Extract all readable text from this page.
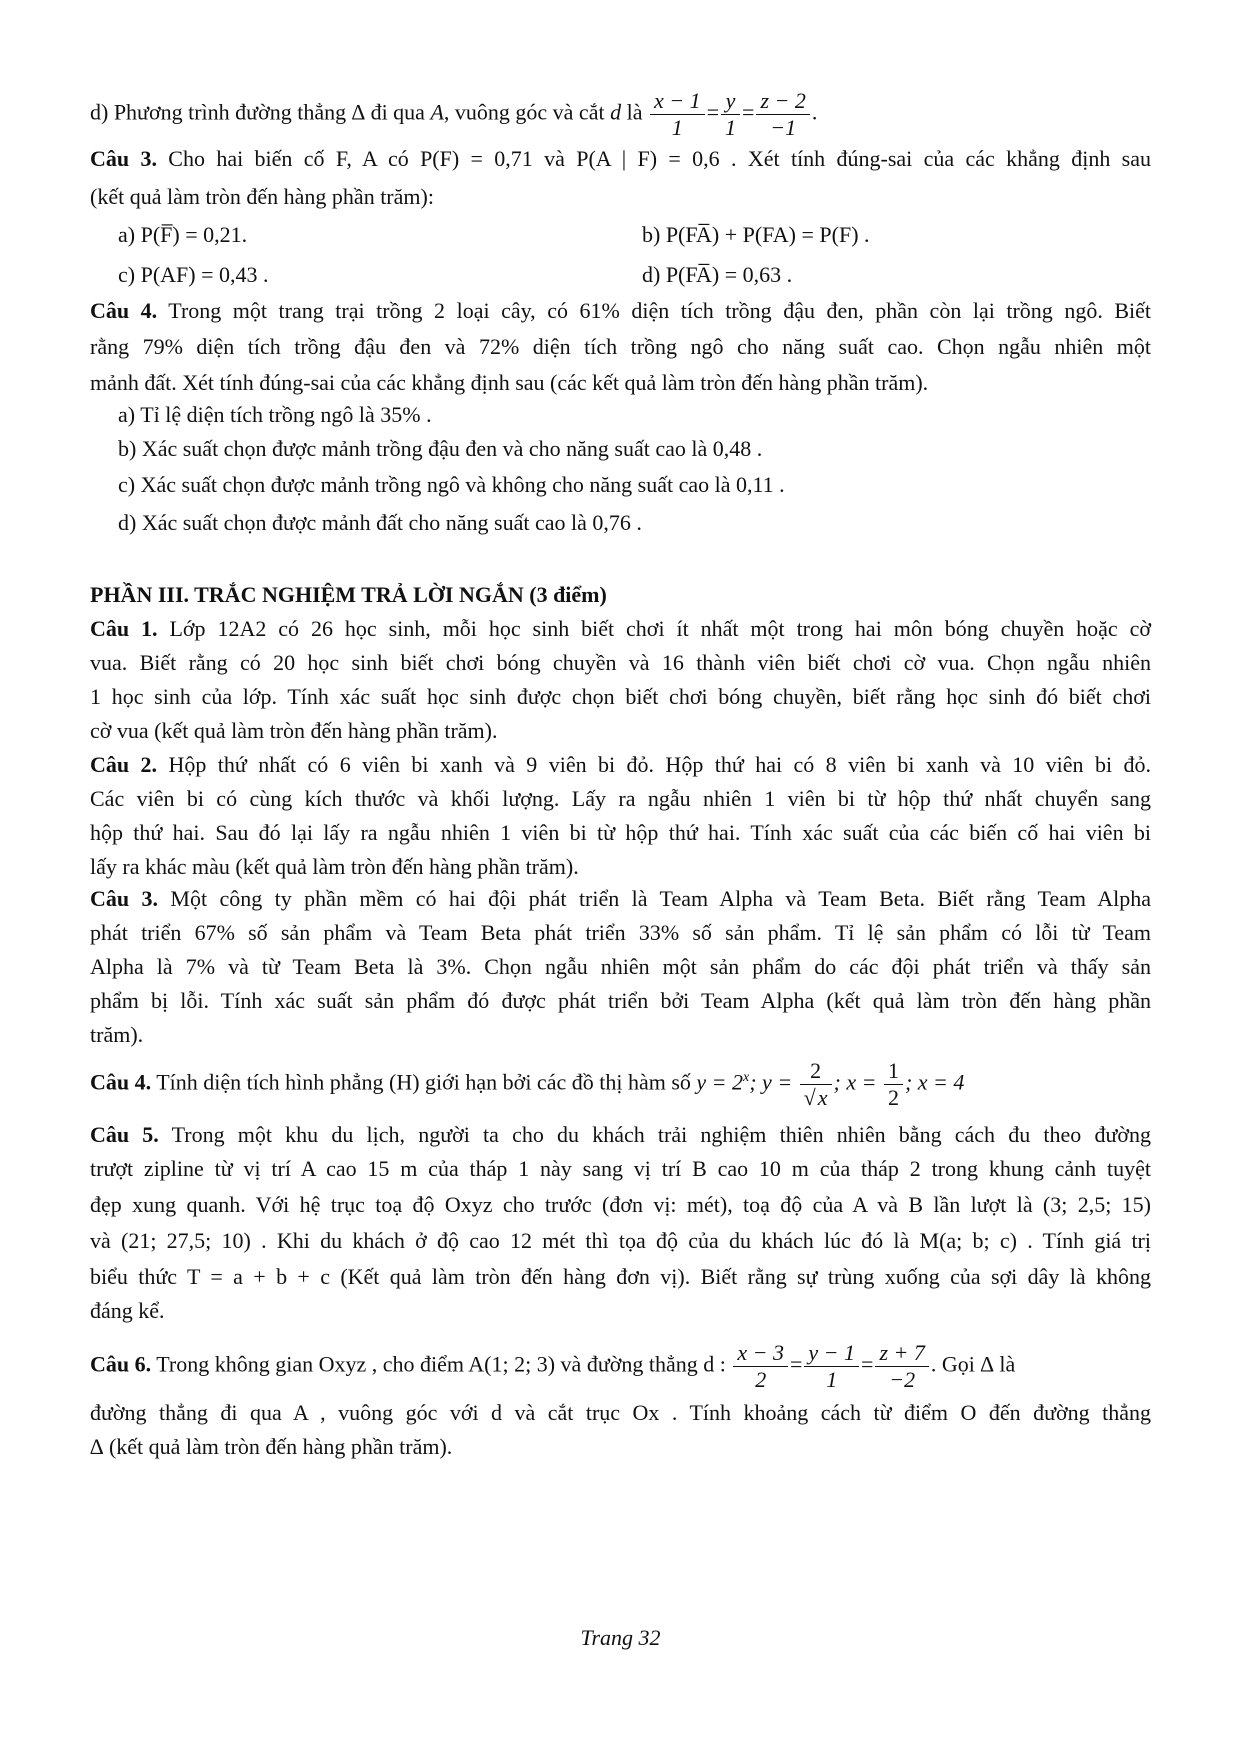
d) Phương trình đường thẳng ∆ đi qua A, vuông góc và cắt d là $\frac{x - 1}{1} = \frac{y}{1} = \frac{z - 2}{-1}$ .
Câu 3. Cho hai biến cố F, A có P(F) = 0,71 và P(A | F) = 0,6 . Xét tính đúng-sai của các khẳng định sau
(kết quả làm tròn đến hàng phần trăm):
a) P(F̅) = 0,21.	b) P(FA̅) + P(FA) = P(F) .
c) P(AF) = 0,43 .	d) P(FA̅) = 0,63 .
Câu 4. Trong một trang trại trồng 2 loại cây, có 61% diện tích trồng đậu đen, phần còn lại trồng ngô. Biết
rằng 79% diện tích trồng đậu đen và 72% diện tích trồng ngô cho năng suất cao. Chọn ngẫu nhiên một
mảnh đất. Xét tính đúng-sai của các khẳng định sau (các kết quả làm tròn đến hàng phần trăm).
a) Tỉ lệ diện tích trồng ngô là 35% .
b) Xác suất chọn được mảnh trồng đậu đen và cho năng suất cao là 0,48 .
c) Xác suất chọn được mảnh trồng ngô và không cho năng suất cao là 0,11 .
d) Xác suất chọn được mảnh đất cho năng suất cao là 0,76 .
PHẦN III. TRẮC NGHIỆM TRẢ LỜI NGẮN (3 điểm)
Câu 1. Lớp 12A2 có 26 học sinh, mỗi học sinh biết chơi ít nhất một trong hai môn bóng chuyền hoặc cờ
vua. Biết rằng có 20 học sinh biết chơi bóng chuyền và 16 thành viên biết chơi cờ vua. Chọn ngẫu nhiên
1 học sinh của lớp. Tính xác suất học sinh được chọn biết chơi bóng chuyền, biết rằng học sinh đó biết chơi
cờ vua (kết quả làm tròn đến hàng phần trăm).
Câu 2. Hộp thứ nhất có 6 viên bi xanh và 9 viên bi đỏ. Hộp thứ hai có 8 viên bi xanh và 10 viên bi đỏ.
Các viên bi có cùng kích thước và khối lượng. Lấy ra ngẫu nhiên 1 viên bi từ hộp thứ nhất chuyển sang
hộp thứ hai. Sau đó lại lấy ra ngẫu nhiên 1 viên bi từ hộp thứ hai. Tính xác suất của các biến cố hai viên bi
lấy ra khác màu (kết quả làm tròn đến hàng phần trăm).
Câu 3. Một công ty phần mềm có hai đội phát triển là Team Alpha và Team Beta. Biết rằng Team Alpha
phát triển 67% số sản phẩm và Team Beta phát triển 33% số sản phẩm. Tỉ lệ sản phẩm có lỗi từ Team
Alpha là 7% và từ Team Beta là 3%. Chọn ngẫu nhiên một sản phẩm do các đội phát triển và thấy sản
phẩm bị lỗi. Tính xác suất sản phẩm đó được phát triển bởi Team Alpha (kết quả làm tròn đến hàng phần
trăm).
Câu 4. Tính diện tích hình phẳng (H) giới hạn bởi các đồ thị hàm số $y = 2^x$; $y = \frac{2}{√x}$ ; $x = \frac{1}{2}$ ; x = 4
Câu 5. Trong một khu du lịch, người ta cho du khách trải nghiệm thiên nhiên bằng cách đu theo đường
trượt zipline từ vị trí A cao 15 m của tháp 1 này sang vị trí B cao 10 m của tháp 2 trong khung cảnh tuyệt
đẹp xung quanh. Với hệ trục toạ độ Oxyz cho trước (đơn vị: mét), toạ độ của A và B lần lượt là (3; 2,5; 15)
và (21; 27,5; 10) . Khi du khách ở độ cao 12 mét thì tọa độ của du khách lúc đó là M(a; b; c) . Tính giá trị
biểu thức T = a + b + c (Kết quả làm tròn đến hàng đơn vị). Biết rằng sự trùng xuống của sợi dây là không
đáng kể.
Câu 6. Trong không gian Oxyz , cho điểm A(1; 2; 3) và đường thẳng d : $\frac{x - 3}{2} = \frac{y - 1}{1} = \frac{z + 7}{-2}$ . Gọi ∆ là
đường thẳng đi qua A , vuông góc với d và cắt trục Ox . Tính khoảng cách từ điểm O đến đường thẳng
∆ (kết quả làm tròn đến hàng phần trăm).
Trang 32
